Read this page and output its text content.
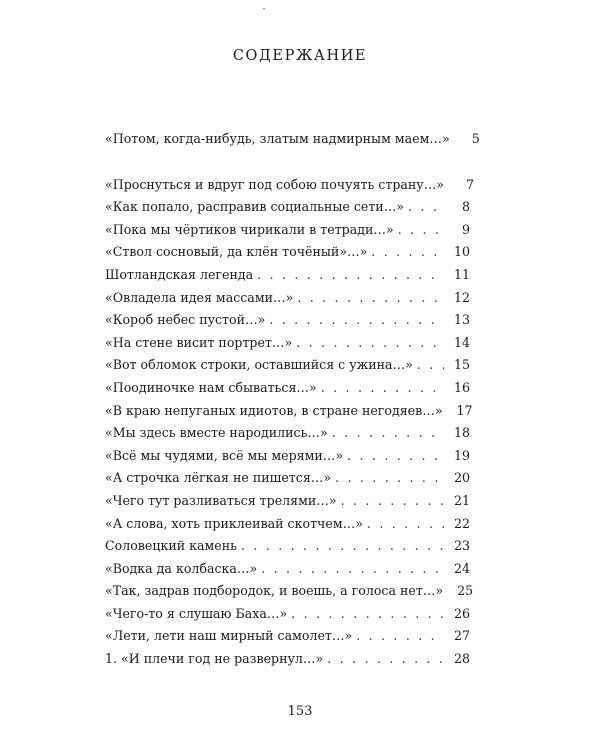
СОДЕРЖАНИЕ
«Потом, когда-нибудь, златым надмирным маем…»	5
«Проснуться и вдруг под собою почуять страну…»	7
«Как попало, расправив социальные сети…» . . .	8
«Пока мы чёртиков чирикали в тетради…» . . .	9
«Ствол сосновый, да клён точёный»…» . . .	10
Шотландская легенда . . .	11
«Овладела идея массами…» . . .	12
«Короб небес пустой…» . . .	13
«На стене висит портрет…» . . .	14
«Вот обломок строки, оставшийся с ужина…» . . .	15
«Поодиночке нам сбываться…» . . .	16
«В краю непуганых идиотов, в стране негодяев…»	17
«Мы здесь вместе народились…» . . .	18
«Всё мы чудями, всё мы мерями…» . . .	19
«А строчка лёгкая не пишется…» . . .	20
«Чего тут разливаться трелями…» . . .	21
«А слова, хоть приклеивай скотчем…» . . .	22
Соловецкий камень . . .	23
«Водка да колбаска…» . . .	24
«Так, задрав подбородок, и воешь, а голоса нет…»	25
«Чего-то я слушаю Баха…» . . .	26
«Лети, лети наш мирный самолет…» . . .	27
1. «И плечи год не развернул…» . . .	28
153
